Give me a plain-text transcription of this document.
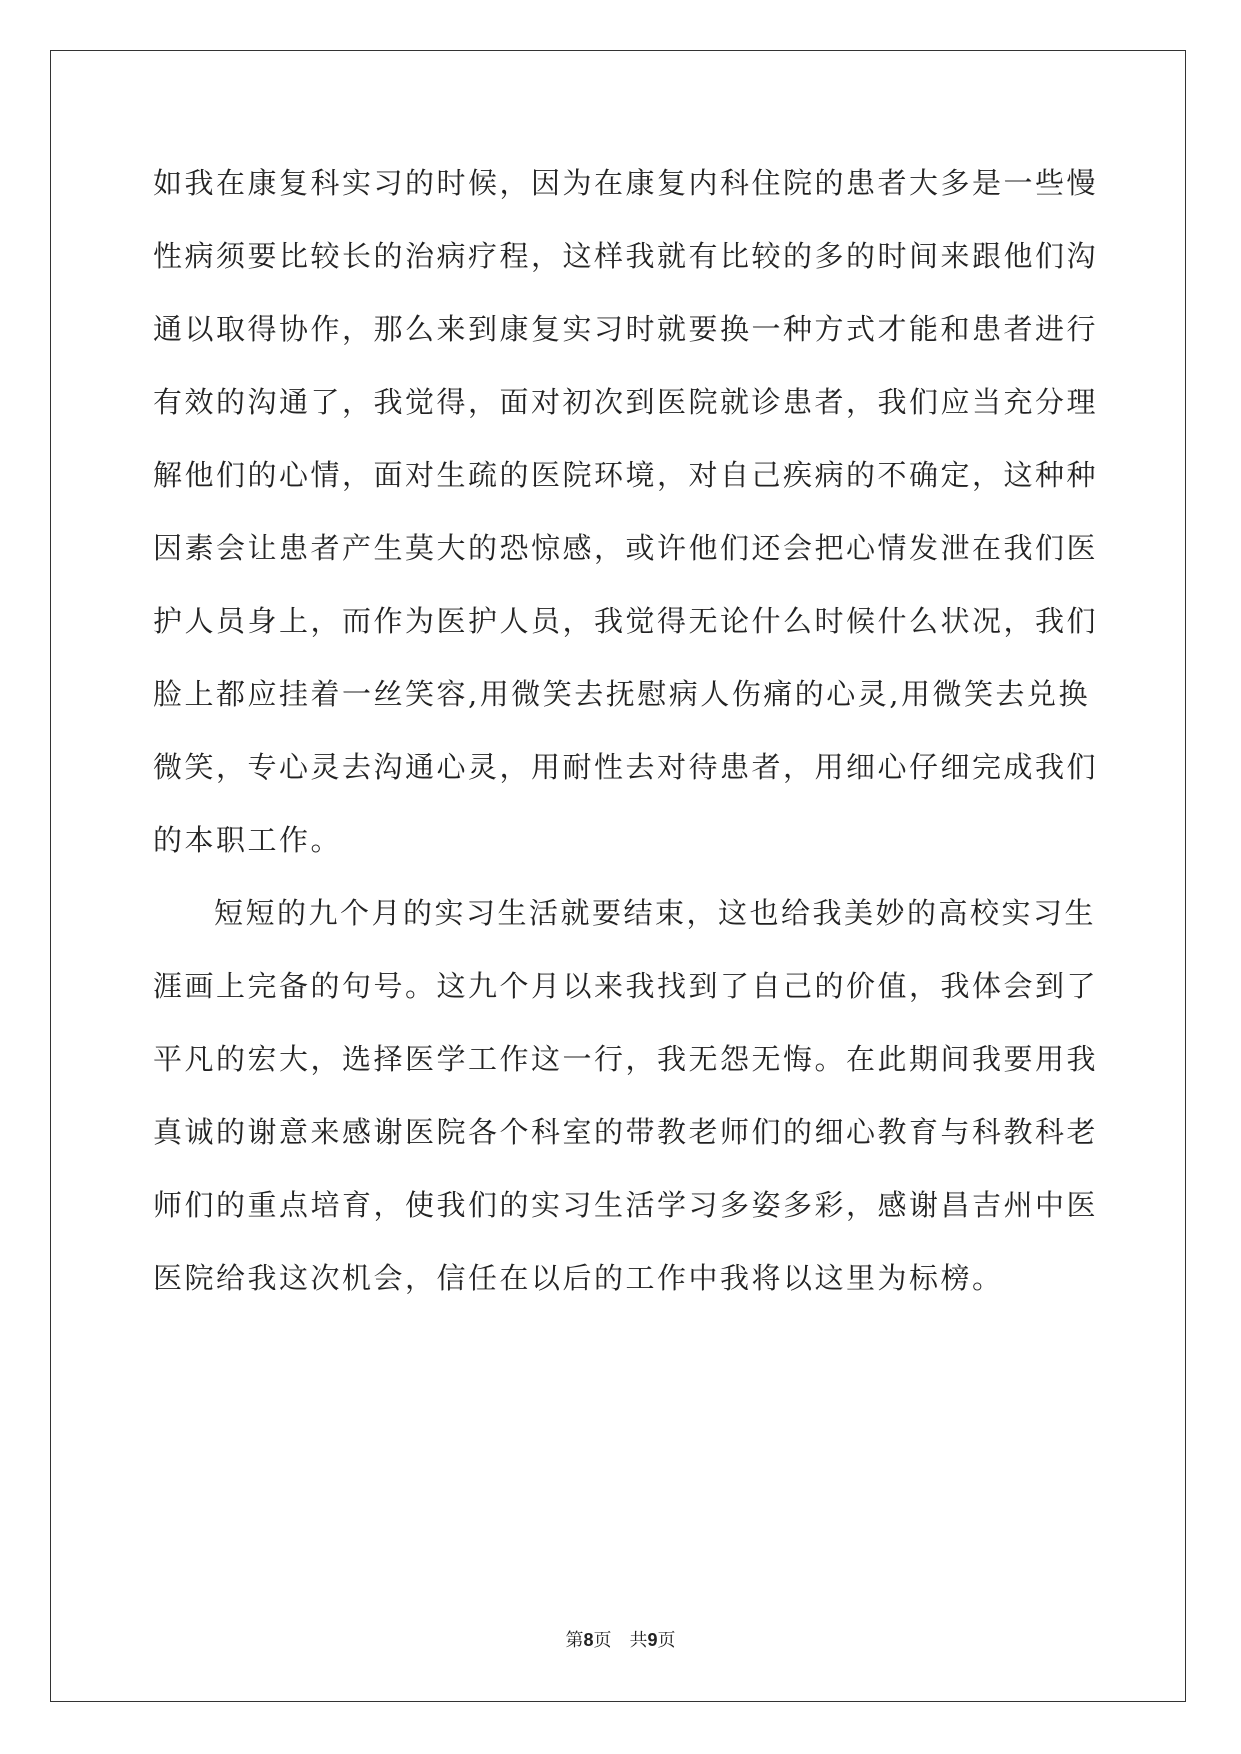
如我在康复科实习的时候，因为在康复内科住院的患者大多是一些慢
性病须要比较长的治病疗程，这样我就有比较的多的时间来跟他们沟
通以取得协作，那么来到康复实习时就要换一种方式才能和患者进行
有效的沟通了，我觉得，面对初次到医院就诊患者，我们应当充分理
解他们的心情，面对生疏的医院环境，对自己疾病的不确定，这种种
因素会让患者产生莫大的恐惊感，或许他们还会把心情发泄在我们医
护人员身上，而作为医护人员，我觉得无论什么时候什么状况，我们
脸上都应挂着一丝笑容,用微笑去抚慰病人伤痛的心灵,用微笑去兑换
微笑，专心灵去沟通心灵，用耐性去对待患者，用细心仔细完成我们
的本职工作。
短短的九个月的实习生活就要结束，这也给我美妙的高校实习生
涯画上完备的句号。这九个月以来我找到了自己的价值，我体会到了
平凡的宏大，选择医学工作这一行，我无怨无悔。在此期间我要用我
真诚的谢意来感谢医院各个科室的带教老师们的细心教育与科教科老
师们的重点培育，使我们的实习生活学习多姿多彩，感谢昌吉州中医
医院给我这次机会，信任在以后的工作中我将以这里为标榜。
第8页 共9页
